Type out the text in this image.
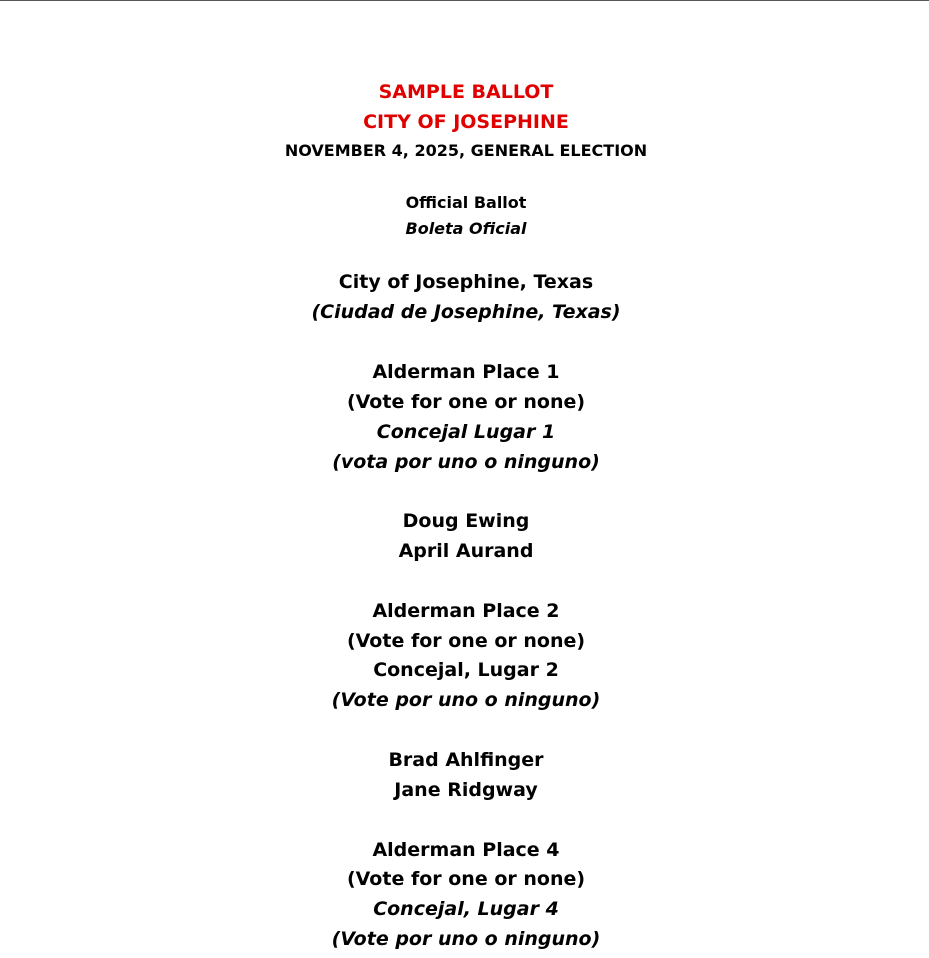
SAMPLE BALLOT
CITY OF JOSEPHINE
NOVEMBER 4, 2025, GENERAL ELECTION
Official Ballot
Boleta Oficial
City of Josephine, Texas
(Ciudad de Josephine, Texas)
Alderman Place 1
(Vote for one or none)
Concejal Lugar 1
(vota por uno o ninguno)
Doug Ewing
April Aurand
Alderman Place 2
(Vote for one or none)
Concejal, Lugar 2
(Vote por uno o ninguno)
Brad Ahlfinger
Jane Ridgway
Alderman Place 4
(Vote for one or none)
Concejal, Lugar 4
(Vote por uno o ninguno)
